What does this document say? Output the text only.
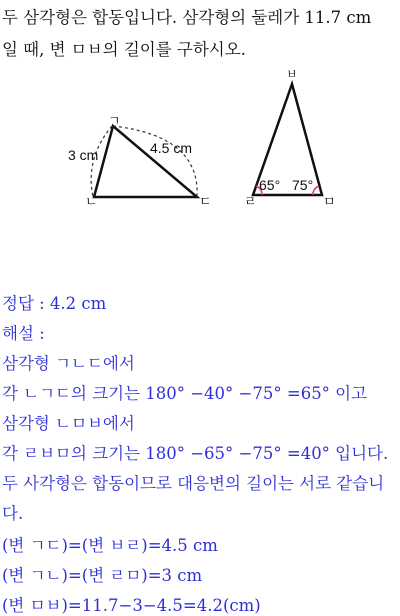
두 삼각형은 합동입니다. 삼각형의 둘레가 11.7 cm
일 때, 변 ㅁㅂ의 길이를 구하시오.
ㄱ
ㄴ	ㄷ
3 cm	4.5 cm
ㅂ
ㄹ	ㅁ
65° 75°
정답 : 4.2 cm
해설 :
삼각형 ㄱㄴㄷ에서
각 ㄴㄱㄷ의 크기는 180° −40° −75° =65° 이고
삼각형 ㄴㅁㅂ에서
각 ㄹㅂㅁ의 크기는 180° −65° −75° =40° 입니다.
두 사각형은 합동이므로 대응변의 길이는 서로 같습니
다.
(변 ㄱㄷ)=(변 ㅂㄹ)=4.5 cm
(변 ㄱㄴ)=(변 ㄹㅁ)=3 cm
(변 ㅁㅂ)=11.7−3−4.5=4.2(cm)
